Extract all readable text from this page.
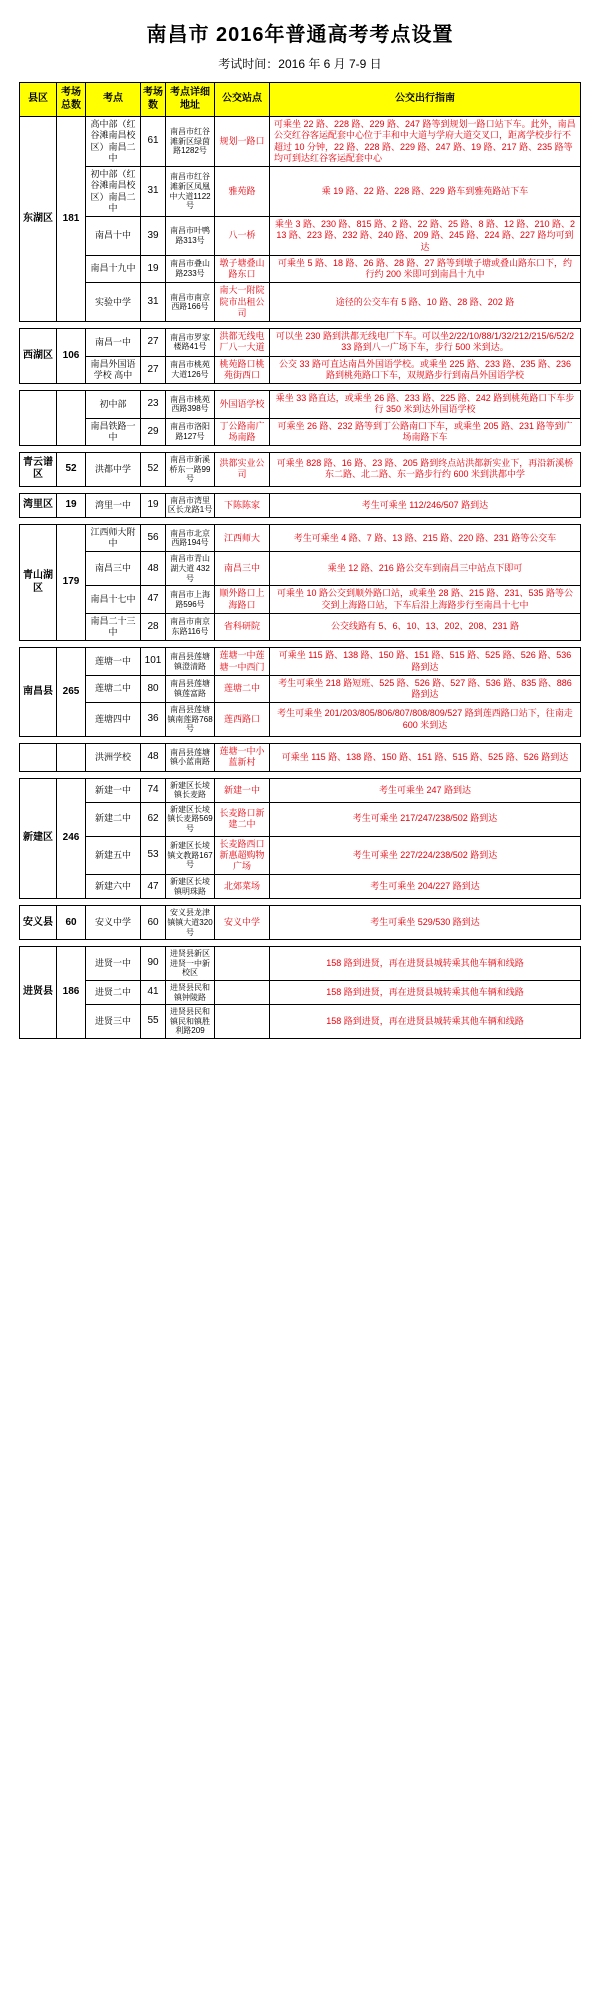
南昌市 2016年普通高考考点设置
考试时间：2016 年 6 月 7-9 日
县区	考场总数	考点	考场数	考点详细地址	公交站点	公交出行指南
东湖区	181	高中部（红谷滩南昌校区）南昌二中	61	南昌市红谷滩新区绿茵路1282号	规划一路口	可乘坐 22 路、228 路、229 路、247 路等到规划一路口站下车。此外，南昌公交红谷客运配套中心位于丰和中大道与学府大道交叉口，距离学校步行不超过 10 分钟，22 路、228 路、229 路、247 路、19 路、217 路、235 路等均可到达红谷客运配套中心
		初中部（红谷滩南昌校区）南昌二中	31	南昌市红谷滩新区凤凰中大道1122号	雅苑路	乘 19 路、22 路、228 路、229 路车到雅苑路站下车
		南昌十中	39	南昌市叶鸭路313号	八一桥	乘坐 3 路、230 路、815 路、2 路、22 路、25 路、8 路、12 路、210 路、213 路、223 路、232 路、240 路、209 路、245 路、224 路、227 路均可到达
		南昌十九中	19	南昌市叠山路233号	墩子塘叠山路东口	可乘坐 5 路、18 路、26 路、28 路、27 路等到墩子塘或叠山路东口下，约行约 200 米即可到南昌十九中
		实验中学	31	南昌市南京西路166号	南大一附院院市出租公司	途径的公交车有 5 路、10 路、28 路、202 路

西湖区	106	南昌一中	27	南昌市罗家楼路41号	洪都无线电厂八一大道	可以坐 230 路到洪都无线电厂下车。可以坐2/22/10/88/1/32/212/215/6/52/233 路到八一广场下车，步行 500 米到达。
		南昌外国语学校 高中	27	南昌市桃苑大道126号	桃苑路口桃苑街西口	公交 33 路可直达南昌外国语学校。或乘坐 225 路、233 路、235 路、236 路到桃苑路口下车，双规路步行到南昌外国语学校

		初中部	23	南昌市桃苑西路398号	外国语学校	乘坐 33 路直达，或乘坐 26 路、233 路、225 路、242 路到桃苑路口下车步行 350 米到达外国语学校
		南昌铁路一中	29	南昌市洛阳路127号	丁公路南广场南路	可乘坐 26 路、232 路等到丁公路南口下车，或乘坐 205 路、231 路等到广场南路下车

青云谱区	52	洪都中学	52	南昌市新溪桥东一路99号	洪都实业公司	可乘坐 828 路、16 路、23 路、205 路到终点站洪都新实业下，再沿新溪桥东二路、北二路、东一路步行约 600 米到洪都中学

湾里区	19	湾里一中	19	南昌市湾里区长龙路1号	下陈陈家	考生可乘坐 112/246/507 路到达

青山湖区	179	江西师大附中	56	南昌市北京西路194号	江西师大	考生可乘坐 4 路、7 路、13 路、215 路、220 路、231 路等公交车
		南昌三中	48	南昌市青山湖大道 432号	南昌三中	乘坐 12 路、216 路公交车到南昌三中站点下即可
		南昌十七中	47	南昌市上海路596号	顺外路口上海路口	可乘坐 10 路公交到顺外路口站，或乘坐 28 路、215 路、231、535 路等公交到上海路口站，下车后沿上海路步行至南昌十七中
		南昌二十三中	28	南昌市南京东路116号	省科研院	公交线路有 5、6、10、13、202、208、231 路

南昌县	265	莲塘一中	101	南昌县莲塘镇澄清路	莲塘一中莲塘一中西门	可乘坐 115 路、138 路、150 路、151 路、515 路、525 路、526 路、536 路到达
		莲塘二中	80	南昌县莲塘镇莲富路	莲塘二中	考生可乘坐 218 路短班、525 路、526 路、527 路、536 路、835 路、886 路到达
		莲塘四中	36	南昌县莲塘镇南莲路768号	莲西路口	考生可乘坐 201/203/805/806/807/808/809/527 路到莲西路口站下，往南走 600 米到达

		洪洲学校	48	南昌县莲塘镇小蓝南路	莲塘一中小蓝新村	可乘坐 115 路、138 路、150 路、151 路、515 路、525 路、526 路到达

新建区	246	新建一中	74	新建区长堎镇长麦路	新建一中	考生可乘坐 247 路到达
		新建二中	62	新建区长堎镇长麦路569号	长麦路口新建二中	考生可乘坐 217/247/238/502 路到达
		新建五中	53	新建区长堎镇文教路167号	长麦路西口新惠超购物广场	考生可乘坐 227/224/238/502 路到达
		新建六中	47	新建区长堎镇明珠路	北郊菜场	考生可乘坐 204/227 路到达

安义县	60	安义中学	60	安义县龙津镇镇大道320号	安义中学	考生可乘坐 529/530 路到达

进贤县	186	进贤一中	90	进贤县新区进贤一中新校区		158 路到进贤，再在进贤县城转乘其他车辆和线路
		进贤二中	41	进贤县民和镇钟陵路		158 路到进贤，再在进贤县城转乘其他车辆和线路
		进贤三中	55	进贤县民和镇民和镇胜利路209		158 路到进贤，再在进贤县城转乘其他车辆和线路
